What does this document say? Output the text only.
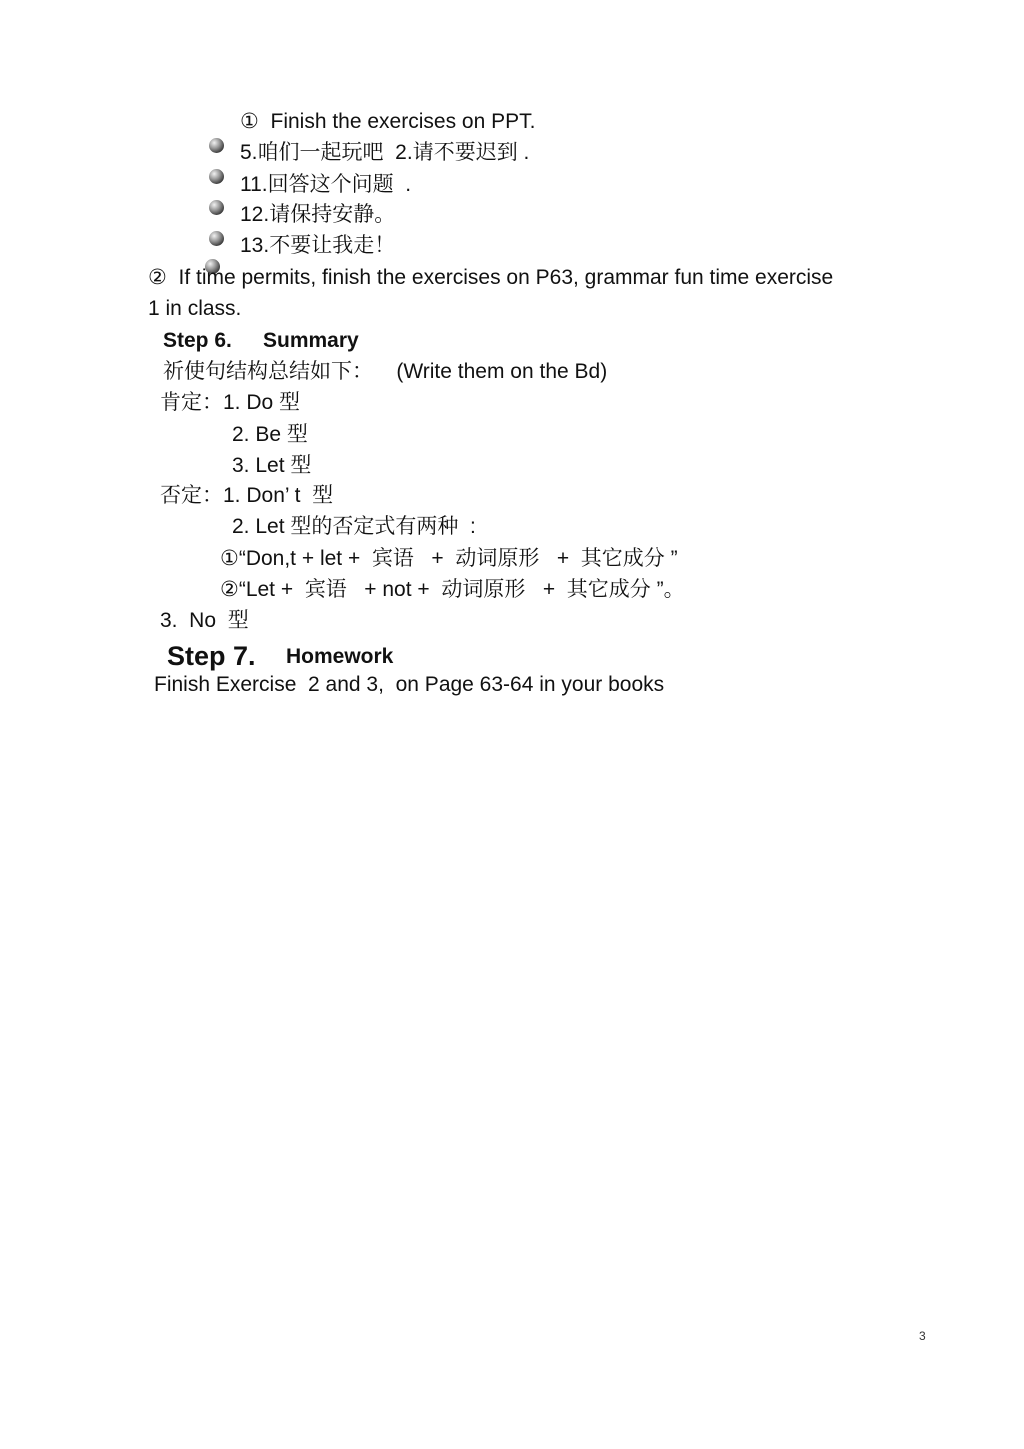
①  Finish the exercises on PPT.
5.咱们一起玩吧  2.请不要迟到 .
11.回答这个问题  .
12.请保持安静。
13.不要让我走！
②  If time permits, finish the exercises on P63, grammar fun time exercise
1 in class.
Step 6. Summary
祈使句结构总结如下：    (Write them on the Bd)
肯定：1. Do 型
2. Be 型
3. Let 型
否定：1. Don’ t  型
2. Let 型的否定式有两种  :
①“Don,t + let +  宾语   +  动词原形   +  其它成分 ”
②“Let +  宾语   + not +  动词原形   +  其它成分 ”。
3.  No  型
Step 7. Homework
Finish Exercise  2 and 3,  on Page 63-64 in your books
3
